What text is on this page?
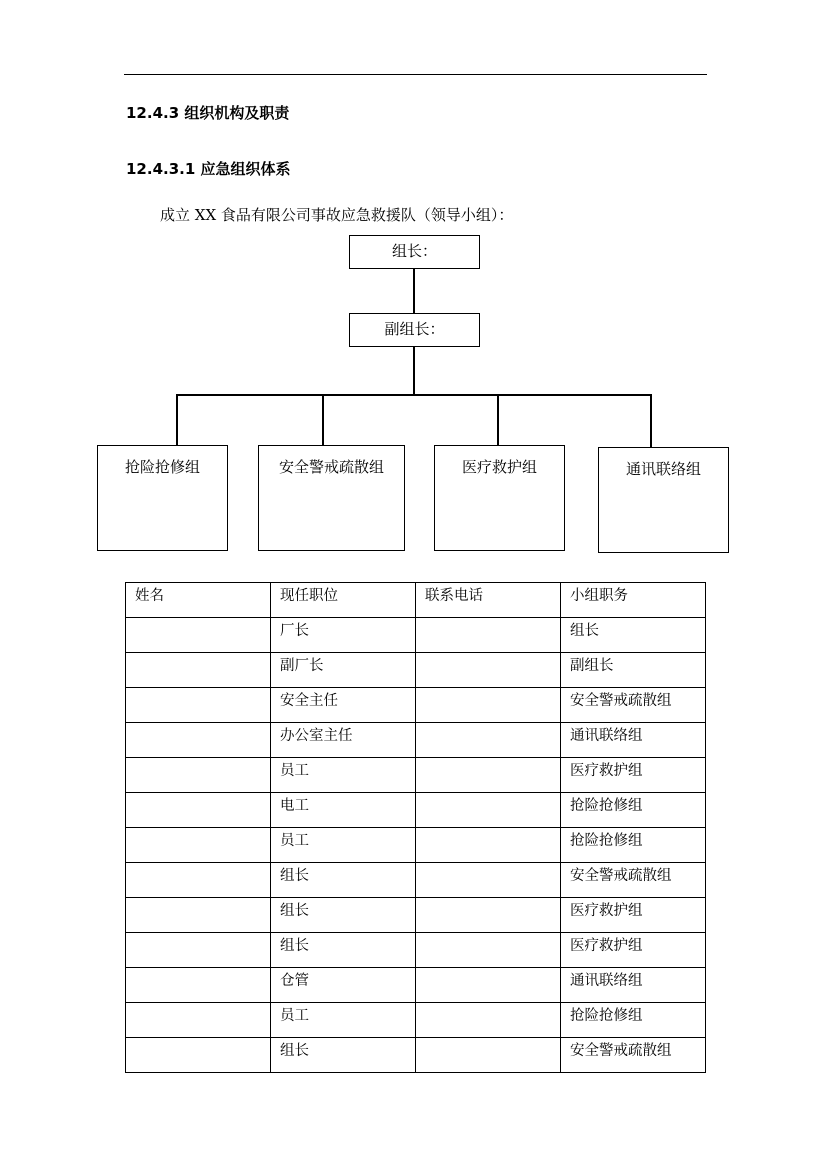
12.4.3 组织机构及职责
12.4.3.1 应急组织体系
成立 XX 食品有限公司事故应急救援队（领导小组）：
组长：
副组长：
抢险抢修组	安全警戒疏散组	医疗救护组	通讯联络组
姓名	现任职位	联系电话	小组职务
	厂长		组长
	副厂长		副组长
	安全主任		安全警戒疏散组
	办公室主任		通讯联络组
	员工		医疗救护组
	电工		抢险抢修组
	员工		抢险抢修组
	组长		安全警戒疏散组
	组长		医疗救护组
	组长		医疗救护组
	仓管		通讯联络组
	员工		抢险抢修组
	组长		安全警戒疏散组
